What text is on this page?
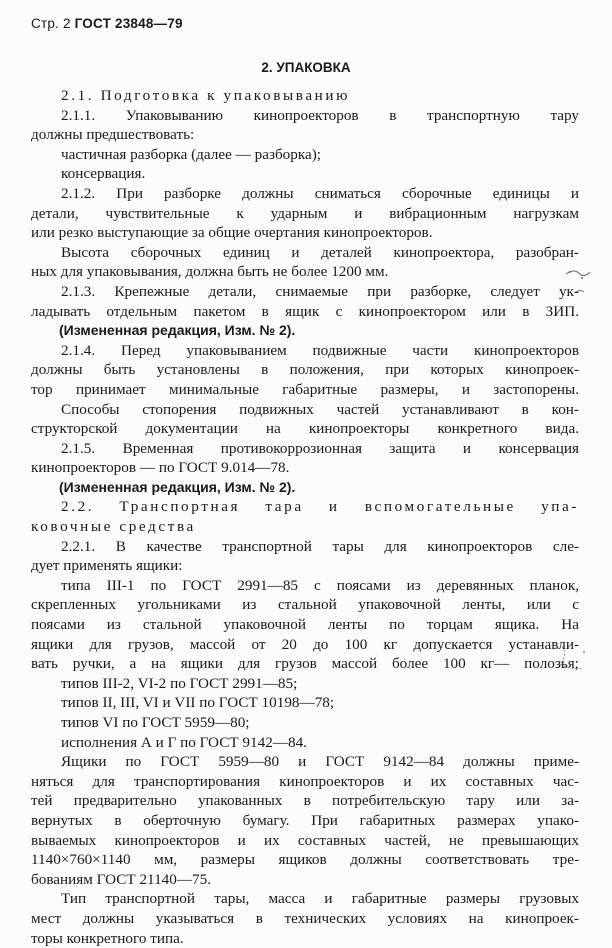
Стр. 2 ГОСТ 23848—79
2. УПАКОВКА
2.1. Подготовка к упаковыванию
2.1.1. Упаковыванию кинопроекторов в транспортную тару
должны предшествовать:
частичная разборка (далее — разборка);
консервация.
2.1.2. При разборке должны сниматься сборочные единицы и
детали, чувствительные к ударным и вибрационным нагрузкам
или резко выступающие за общие очертания кинопроекторов.
Высота сборочных единиц и деталей кинопроектора, разобран-
ных для упаковывания, должна быть не более 1200 мм.
2.1.3. Крепежные детали, снимаемые при разборке, следует ук-
ладывать отдельным пакетом в ящик с кинопроектором или в ЗИП.
(Измененная редакция, Изм. № 2).
2.1.4. Перед упаковыванием подвижные части кинопроекторов
должны быть установлены в положения, при которых кинопроек-
тор принимает минимальные габаритные размеры, и застопорены.
Способы стопорения подвижных частей устанавливают в кон-
структорской документации на кинопроекторы конкретного вида.
2.1.5. Временная противокоррозионная защита и консервация
кинопроекторов — по ГОСТ 9.014—78.
(Измененная редакция, Изм. № 2).
2.2. Транспортная тара и вспомогательные упа-
ковочные средства
2.2.1. В качестве транспортной тары для кинопроекторов сле-
дует применять ящики:
типа III-1 по ГОСТ 2991—85 с поясами из деревянных планок,
скрепленных угольниками из стальной упаковочной ленты, или с
поясами из стальной упаковочной ленты по торцам ящика. На
ящики для грузов, массой от 20 до 100 кг допускается устанавли-
вать ручки, а на ящики для грузов массой более 100 кг— полозья;
типов III-2, VI-2 по ГОСТ 2991—85;
типов II, III, VI и VII по ГОСТ 10198—78;
типов VI по ГОСТ 5959—80;
исполнения А и Г по ГОСТ 9142—84.
Ящики по ГОСТ 5959—80 и ГОСТ 9142—84 должны приме-
няться для транспортирования кинопроекторов и их составных час-
тей предварительно упакованных в потребительскую тару или за-
вернутых в оберточную бумагу. При габаритных размерах упако-
вываемых кинопроекторов и их составных частей, не превышающих
1140×760×1140 мм, размеры ящиков должны соответствовать тре-
бованиям ГОСТ 21140—75.
Тип транспортной тары, масса и габаритные размеры грузовых
мест должны указываться в технических условиях на кинопроек-
торы конкретного типа.
